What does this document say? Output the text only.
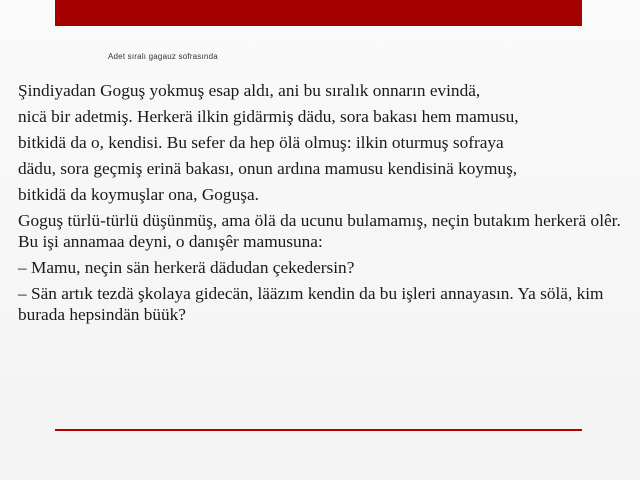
Adet sıralı gagauz sofrasında

Şindiyadan Goguş yokmuş esap aldı, ani bu sıralık onnarın evindä,

nicä bir adetmiş. Herkerä ilkin gidärmiş dädu, sora bakası hem mamusu,

bitkidä da o, kendisi. Bu sefer da hep ölä olmuş: ilkin oturmuş sofraya

dädu, sora geçmiş erinä bakası, onun ardına mamusu kendisinä koymuş,

bitkidä da koymuşlar ona, Goguşa.

Goguş türlü-türlü düşünmüş, ama ölä da ucunu bulamamış, neçin butakım herkerä olêr. Bu işi annamaa deyni, o danışêr mamusuna:

– Mamu, neçin sän herkerä dädudan çekedersin?

– Sän artık tezdä şkolaya gidecän, lääzım kendin da bu işleri annayasın. Ya sölä, kim burada hepsindän büük?
